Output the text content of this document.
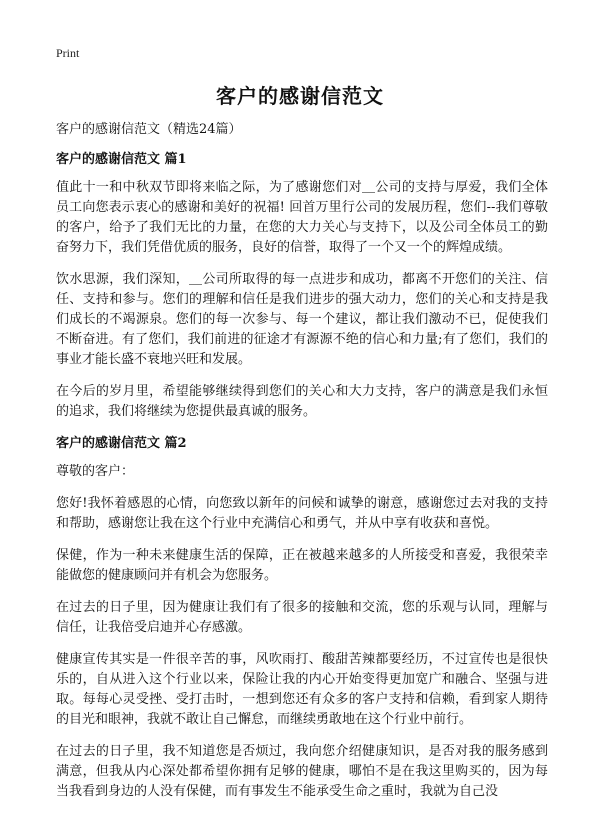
Print
客户的感谢信范文

客户的感谢信范文（精选24篇）

客户的感谢信范文 篇1

值此十一和中秋双节即将来临之际，为了感谢您们对＿公司的支持与厚爱，我们全体员工向您表示衷心的感谢和美好的祝福! 回首万里行公司的发展历程，您们--我们尊敬的客户，给予了我们无比的力量，在您的大力关心与支持下，以及公司全体员工的勤奋努力下，我们凭借优质的服务，良好的信誉，取得了一个又一个的辉煌成绩。

饮水思源，我们深知，＿公司所取得的每一点进步和成功，都离不开您们的关注、信任、支持和参与。您们的理解和信任是我们进步的强大动力，您们的关心和支持是我们成长的不竭源泉。您们的每一次参与、每一个建议，都让我们激动不已，促使我们不断奋进。有了您们，我们前进的征途才有源源不绝的信心和力量;有了您们，我们的事业才能长盛不衰地兴旺和发展。

在今后的岁月里，希望能够继续得到您们的关心和大力支持，客户的满意是我们永恒的追求，我们将继续为您提供最真诚的服务。

客户的感谢信范文 篇2

尊敬的客户：

您好!我怀着感恩的心情，向您致以新年的问候和诚挚的谢意，感谢您过去对我的支持和帮助，感谢您让我在这个行业中充满信心和勇气，并从中享有收获和喜悦。

保健，作为一种未来健康生活的保障，正在被越来越多的人所接受和喜爱，我很荣幸能做您的健康顾问并有机会为您服务。

在过去的日子里，因为健康让我们有了很多的接触和交流，您的乐观与认同，理解与信任，让我倍受启迪并心存感激。

健康宣传其实是一件很辛苦的事，风吹雨打、酸甜苦辣都要经历，不过宣传也是很快乐的，自从进入这个行业以来，保险让我的内心开始变得更加宽广和融合、坚强与进取。每每心灵受挫、受打击时，一想到您还有众多的客户支持和信赖，看到家人期待的目光和眼神，我就不敢让自己懈怠，而继续勇敢地在这个行业中前行。

在过去的日子里，我不知道您是否烦过，我向您介绍健康知识，是否对我的服务感到满意，但我从内心深处都希望你拥有足够的健康，哪怕不是在我这里购买的，因为每当我看到身边的人没有保健，而有事发生不能承受生命之重时，我就为自己没
